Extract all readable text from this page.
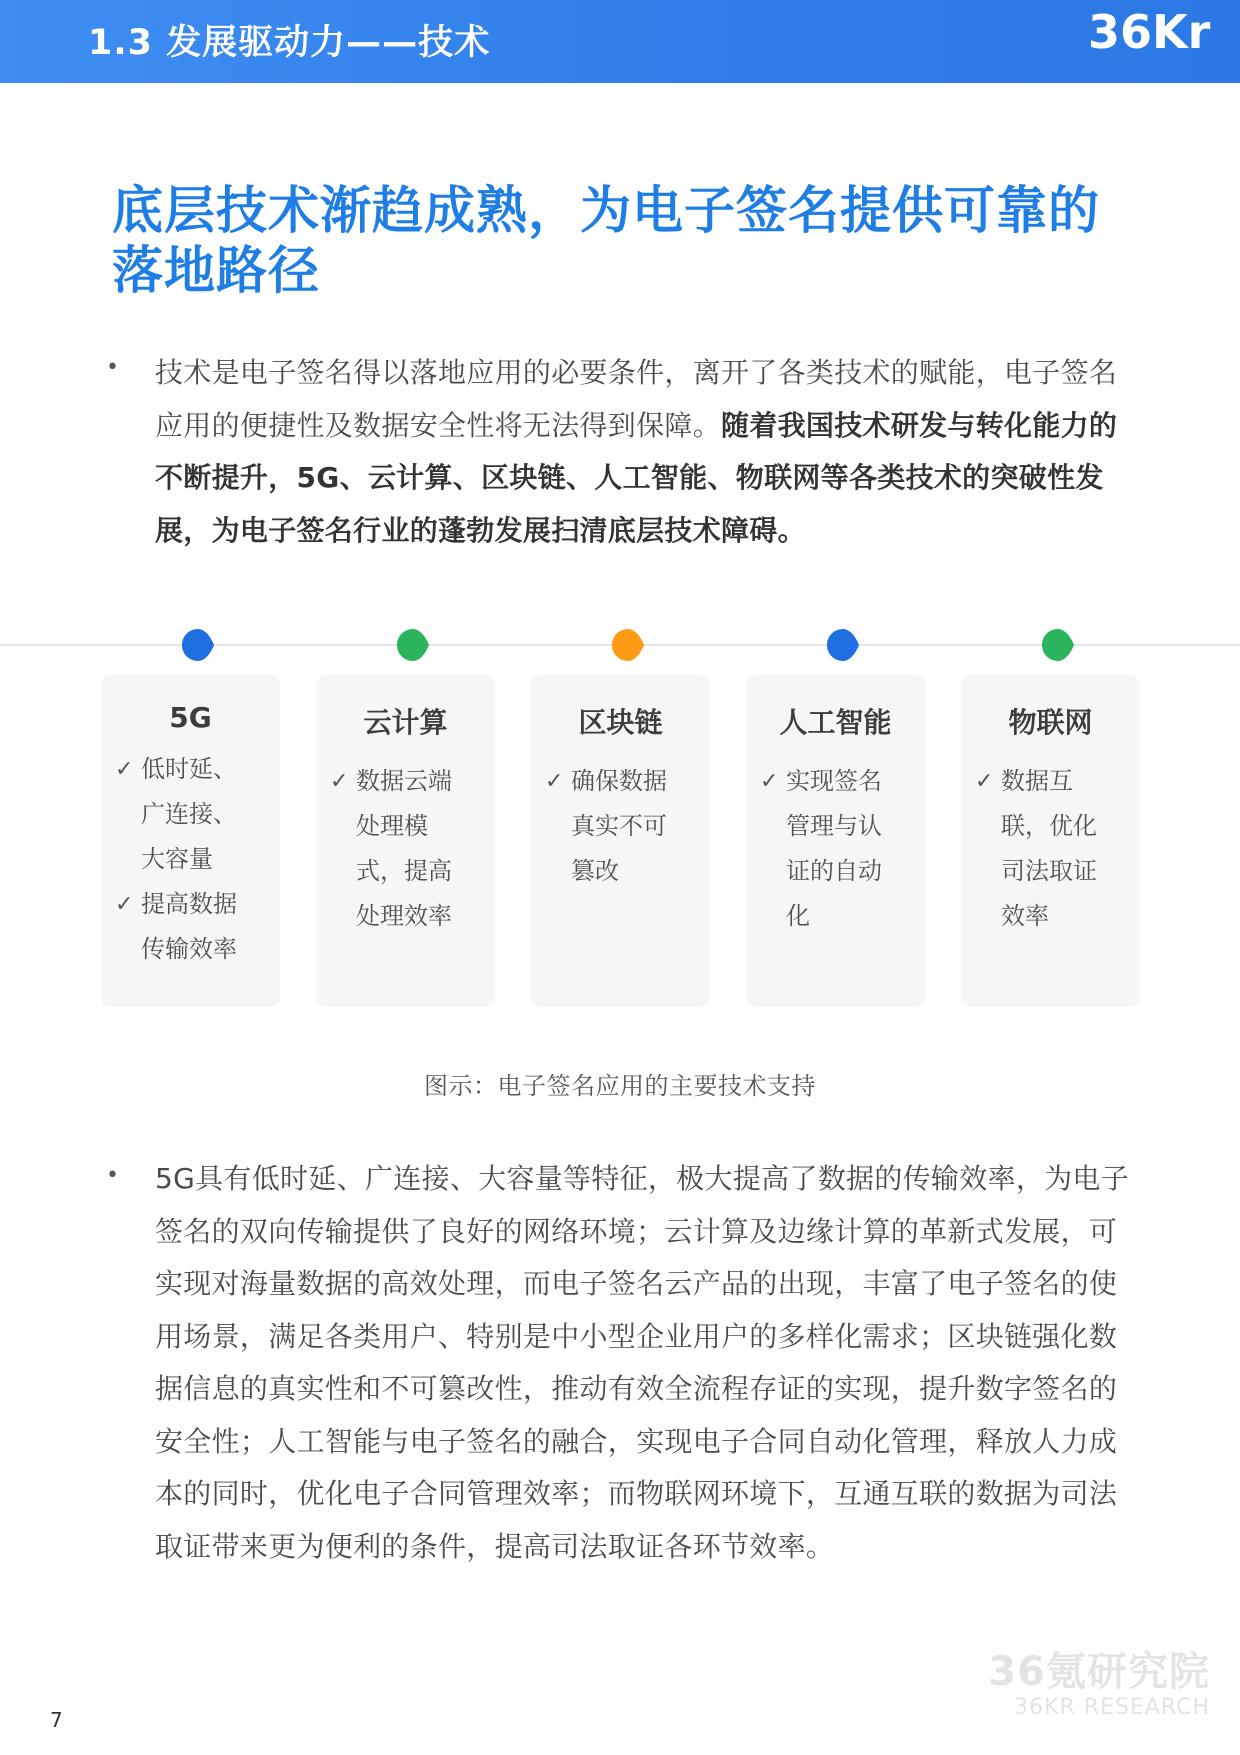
1.3 发展驱动力——技术	36Kr
底层技术渐趋成熟，为电子签名提供可靠的落地路径
• 技术是电子签名得以落地应用的必要条件，离开了各类技术的赋能，电子签名应用的便捷性及数据安全性将无法得到保障。随着我国技术研发与转化能力的不断提升，5G、云计算、区块链、人工智能、物联网等各类技术的突破性发展，为电子签名行业的蓬勃发展扫清底层技术障碍。

5G
✓ 低时延、广连接、大容量
✓ 提高数据传输效率
云计算
✓ 数据云端处理模式，提高处理效率
区块链
✓ 确保数据真实不可篡改
人工智能
✓ 实现签名管理与认证的自动化
物联网
✓ 数据互联，优化司法取证效率
图示：电子签名应用的主要技术支持
• 5G具有低时延、广连接、大容量等特征，极大提高了数据的传输效率，为电子签名的双向传输提供了良好的网络环境；云计算及边缘计算的革新式发展，可实现对海量数据的高效处理，而电子签名云产品的出现，丰富了电子签名的使用场景，满足各类用户、特别是中小型企业用户的多样化需求；区块链强化数据信息的真实性和不可篡改性，推动有效全流程存证的实现，提升数字签名的安全性；人工智能与电子签名的融合，实现电子合同自动化管理，释放人力成本的同时，优化电子合同管理效率；而物联网环境下，互通互联的数据为司法取证带来更为便利的条件，提高司法取证各环节效率。

7
36氪研究院
36KR RESEARCH
